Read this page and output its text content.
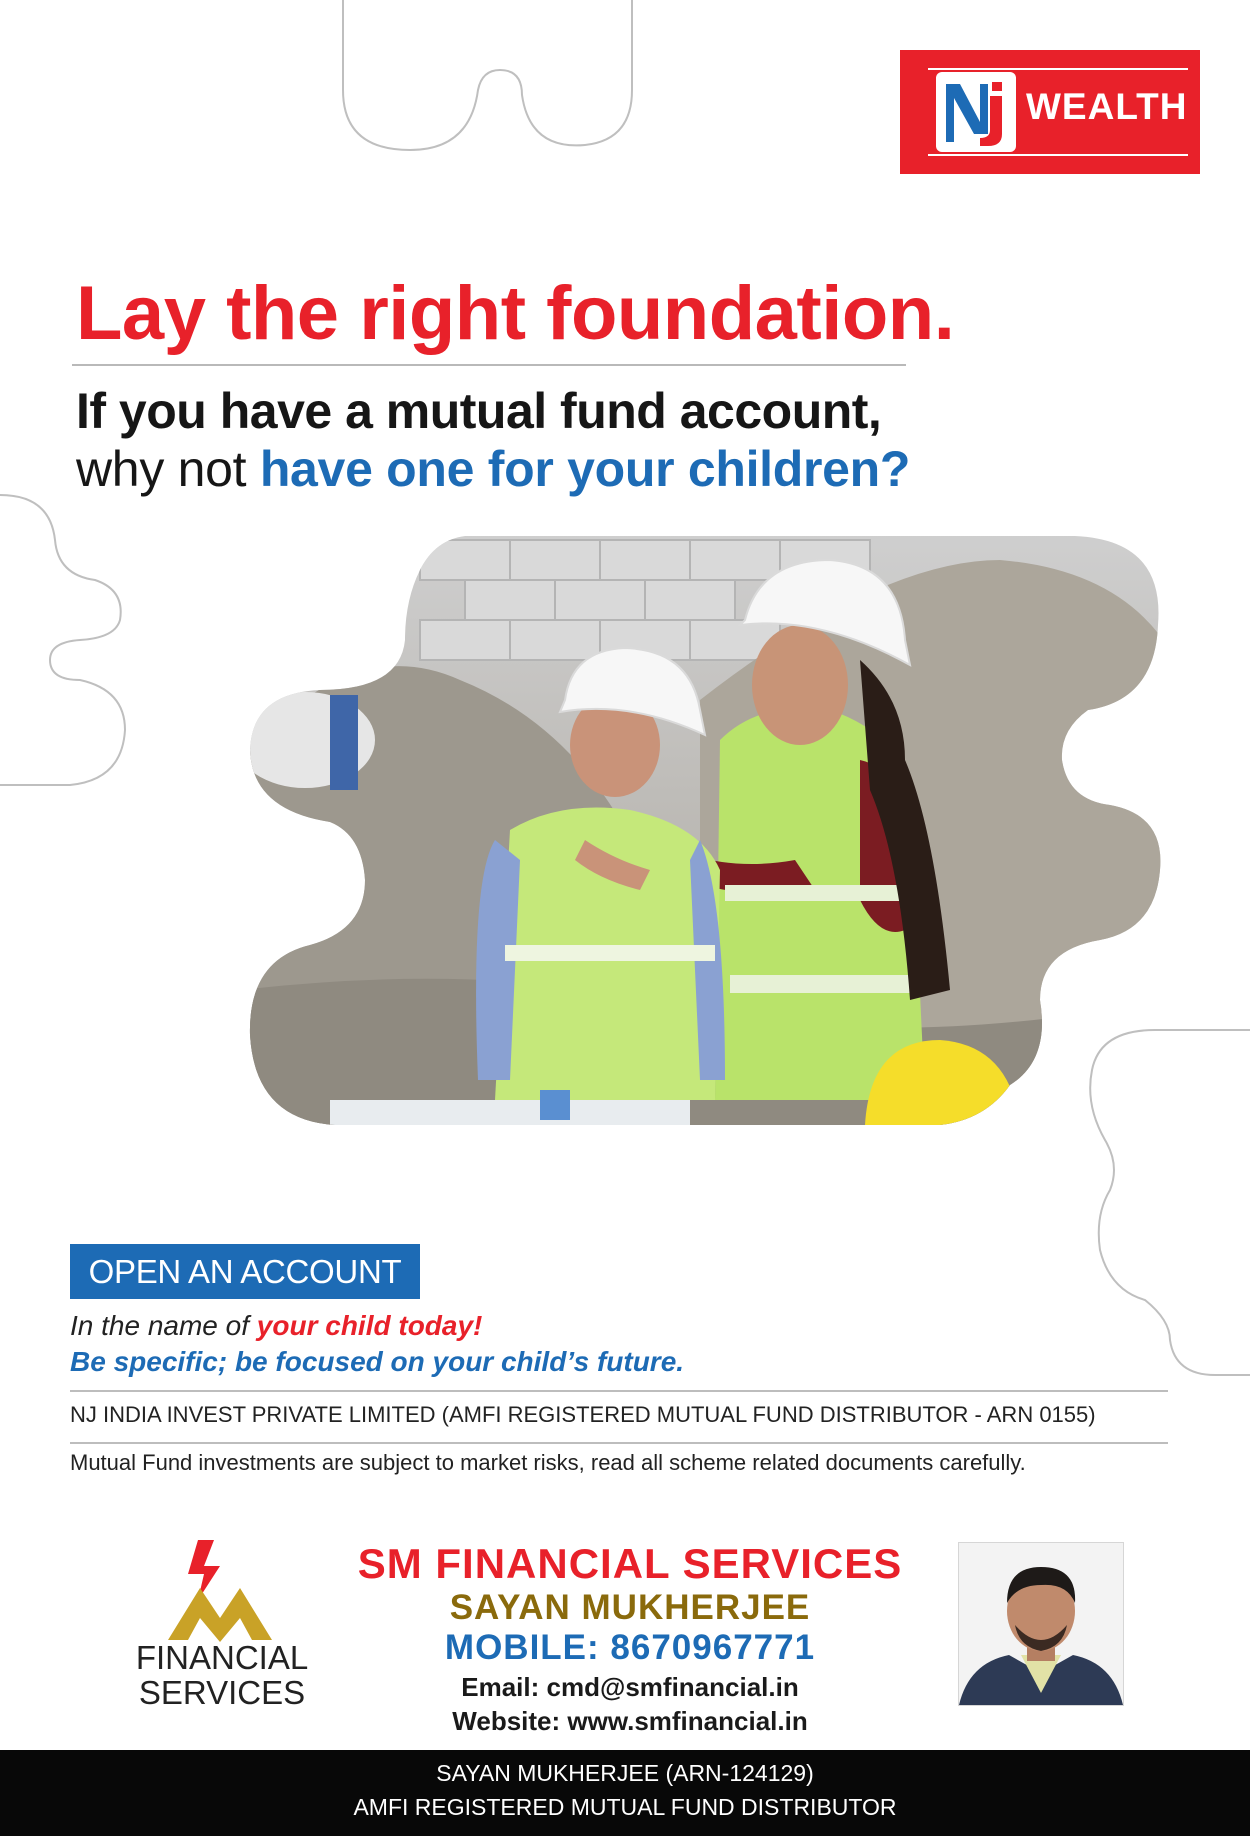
WEALTH
Lay the right foundation.
If you have a mutual fund account,
why not have one for your children?
OPEN AN ACCOUNT
In the name of your child today!
Be specific; be focused on your child’s future.
NJ INDIA INVEST PRIVATE LIMITED (AMFI REGISTERED MUTUAL FUND DISTRIBUTOR - ARN 0155)
Mutual Fund investments are subject to market risks, read all scheme related documents carefully.
FINANCIAL
SERVICES
SM FINANCIAL SERVICES
SAYAN MUKHERJEE
MOBILE: 8670967771
Email: cmd@smfinancial.in
Website: www.smfinancial.in
SAYAN MUKHERJEE (ARN-124129)
AMFI REGISTERED MUTUAL FUND DISTRIBUTOR
